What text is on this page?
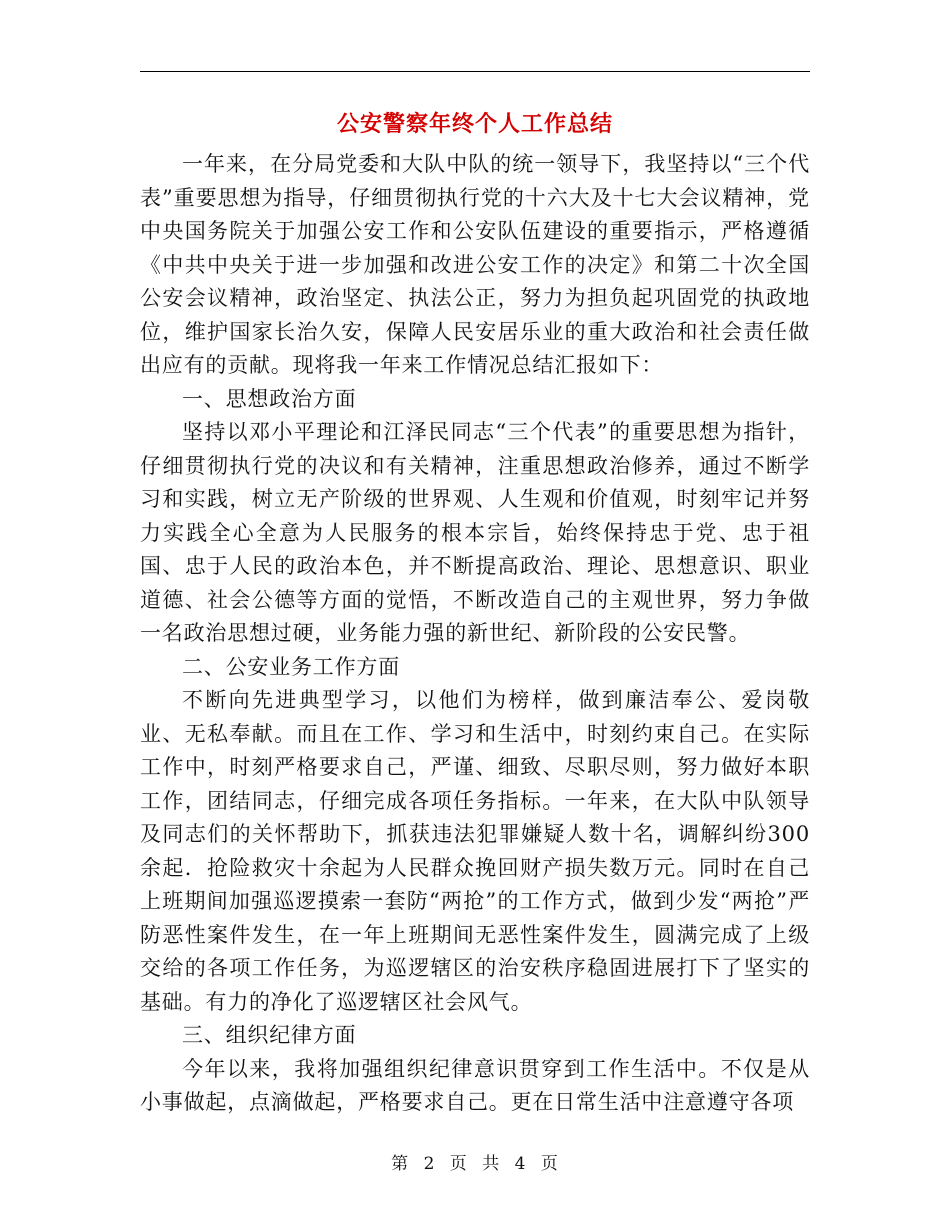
公安警察年终个人工作总结

一年来，在分局党委和大队中队的统一领导下，我坚持以“三个代表”重要思想为指导，仔细贯彻执行党的十六大及十七大会议精神，党中央国务院关于加强公安工作和公安队伍建设的重要指示，严格遵循《中共中央关于进一步加强和改进公安工作的决定》和第二十次全国公安会议精神，政治坚定、执法公正，努力为担负起巩固党的执政地位，维护国家长治久安，保障人民安居乐业的重大政治和社会责任做出应有的贡献。现将我一年来工作情况总结汇报如下：

一、思想政治方面

坚持以邓小平理论和江泽民同志“三个代表”的重要思想为指针，仔细贯彻执行党的决议和有关精神，注重思想政治修养，通过不断学习和实践，树立无产阶级的世界观、人生观和价值观，时刻牢记并努力实践全心全意为人民服务的根本宗旨，始终保持忠于党、忠于祖国、忠于人民的政治本色，并不断提高政治、理论、思想意识、职业道德、社会公德等方面的觉悟，不断改造自己的主观世界，努力争做一名政治思想过硬，业务能力强的新世纪、新阶段的公安民警。

二、公安业务工作方面

不断向先进典型学习，以他们为榜样，做到廉洁奉公、爱岗敬业、无私奉献。而且在工作、学习和生活中，时刻约束自己。在实际工作中，时刻严格要求自己，严谨、细致、尽职尽则，努力做好本职工作，团结同志，仔细完成各项任务指标。一年来，在大队中队领导及同志们的关怀帮助下，抓获违法犯罪嫌疑人数十名，调解纠纷300余起．抢险救灾十余起为人民群众挽回财产损失数万元。同时在自己上班期间加强巡逻摸索一套防“两抢”的工作方式，做到少发“两抢”严防恶性案件发生，在一年上班期间无恶性案件发生，圆满完成了上级交给的各项工作任务，为巡逻辖区的治安秩序稳固进展打下了坚实的基础。有力的净化了巡逻辖区社会风气。

三、组织纪律方面

今年以来，我将加强组织纪律意识贯穿到工作生活中。不仅是从小事做起，点滴做起，严格要求自己。更在日常生活中注意遵守各项

第 2 页 共 4 页
